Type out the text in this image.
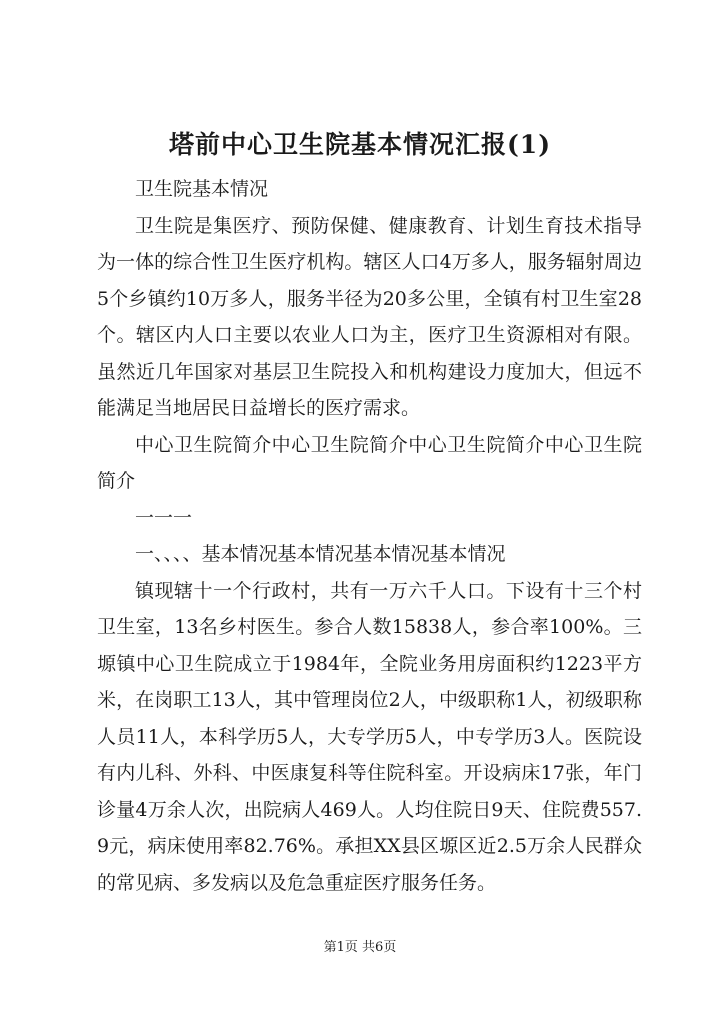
塔前中心卫生院基本情况汇报(1)

卫生院基本情况

卫生院是集医疗、预防保健、健康教育、计划生育技术指导为一体的综合性卫生医疗机构。辖区人口4万多人，服务辐射周边5个乡镇约10万多人，服务半径为20多公里，全镇有村卫生室28个。辖区内人口主要以农业人口为主，医疗卫生资源相对有限。虽然近几年国家对基层卫生院投入和机构建设力度加大，但远不能满足当地居民日益增长的医疗需求。

中心卫生院简介中心卫生院简介中心卫生院简介中心卫生院简介

一一一

一、、、、基本情况基本情况基本情况基本情况

镇现辖十一个行政村，共有一万六千人口。下设有十三个村卫生室，13名乡村医生。参合人数15838人，参合率100%。三塬镇中心卫生院成立于1984年，全院业务用房面积约1223平方米，在岗职工13人，其中管理岗位2人，中级职称1人，初级职称人员11人，本科学历5人，大专学历5人，中专学历3人。医院设有内儿科、外科、中医康复科等住院科室。开设病床17张，年门诊量4万余人次，出院病人469人。人均住院日9天、住院费557.9元，病床使用率82.76%。承担XX县区塬区近2.5万余人民群众的常见病、多发病以及危急重症医疗服务任务。

第1页 共6页
